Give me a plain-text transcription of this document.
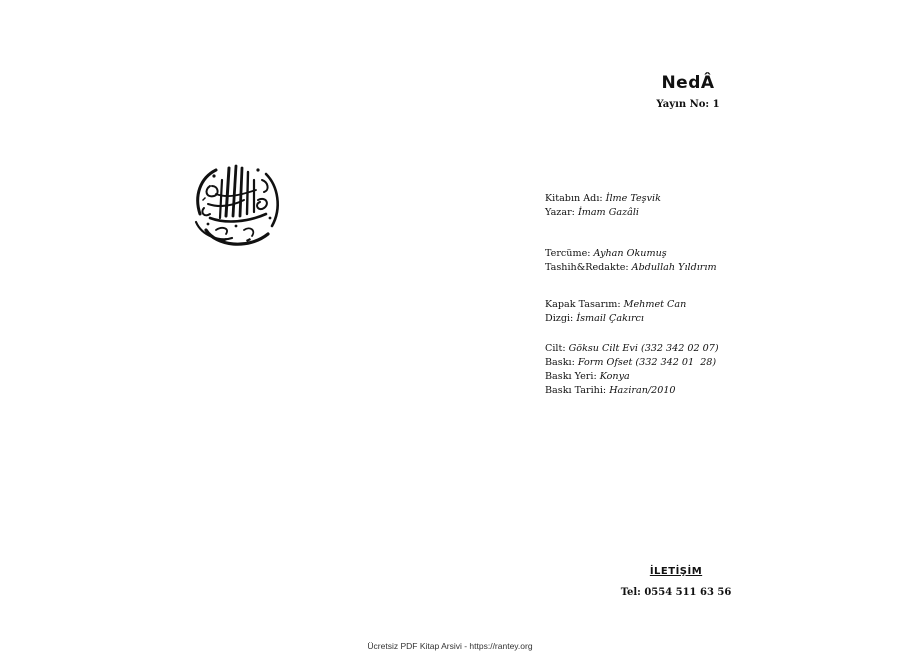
NedÂ
Yayın No: 1
Kitabın Adı: İlme Teşvik
Yazar: İmam Gazâli
Tercüme: Ayhan Okumuş
Tashih&Redakte: Abdullah Yıldırım
Kapak Tasarım: Mehmet Can
Dizgi: İsmail Çakırcı
Cilt: Göksu Cilt Evi (332 342 02 07)
Baskı: Form Ofset (332 342 01  28)
Baskı Yeri: Konya
Baskı Tarihi: Haziran/2010
İLETİŞİM
Tel: 0554 511 63 56
Ücretsiz PDF Kitap Arsivi - https://rantey.org
